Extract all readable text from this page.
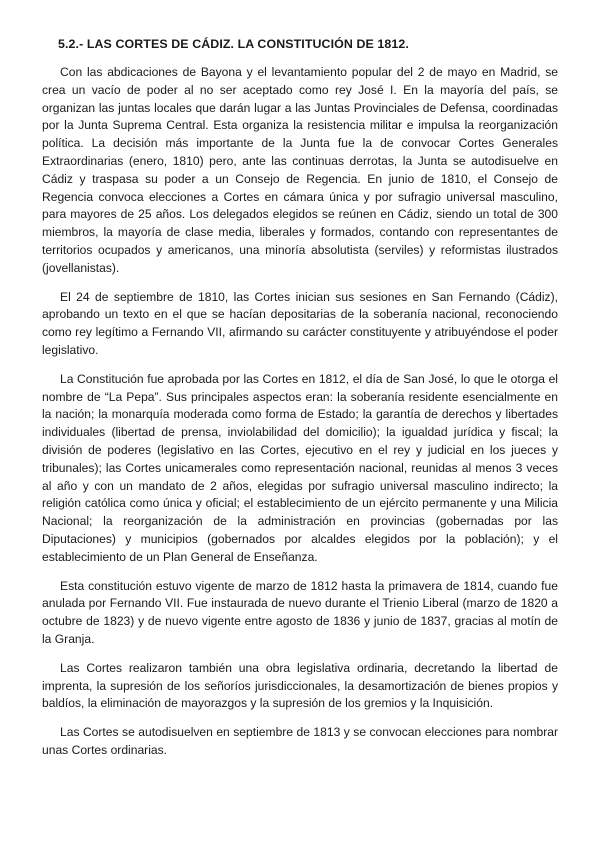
5.2.- LAS CORTES DE CÁDIZ. LA CONSTITUCIÓN DE 1812.

Con las abdicaciones de Bayona y el levantamiento popular del 2 de mayo en Madrid, se crea un vacío de poder al no ser aceptado como rey José I. En la mayoría del país, se organizan las juntas locales que darán lugar a las Juntas Provinciales de Defensa, coordinadas por la Junta Suprema Central. Esta organiza la resistencia militar e impulsa la reorganización política. La decisión más importante de la Junta fue la de convocar Cortes Generales Extraordinarias (enero, 1810) pero, ante las continuas derrotas, la Junta se autodisuelve en Cádiz y traspasa su poder a un Consejo de Regencia. En junio de 1810, el Consejo de Regencia convoca elecciones a Cortes en cámara única y por sufragio universal masculino, para mayores de 25 años. Los delegados elegidos se reúnen en Cádiz, siendo un total de 300 miembros, la mayoría de clase media, liberales y formados, contando con representantes de territorios ocupados y americanos, una minoría absolutista (serviles) y reformistas ilustrados (jovellanistas).

El 24 de septiembre de 1810, las Cortes inician sus sesiones en San Fernando (Cádiz), aprobando un texto en el que se hacían depositarias de la soberanía nacional, reconociendo como rey legítimo a Fernando VII, afirmando su carácter constituyente y atribuyéndose el poder legislativo.

La Constitución fue aprobada por las Cortes en 1812, el día de San José, lo que le otorga el nombre de “La Pepa”. Sus principales aspectos eran: la soberanía residente esencialmente en la nación; la monarquía moderada como forma de Estado; la garantía de derechos y libertades individuales (libertad de prensa, inviolabilidad del domicilio); la igualdad jurídica y fiscal; la división de poderes (legislativo en las Cortes, ejecutivo en el rey y judicial en los jueces y tribunales); las Cortes unicamerales como representación nacional, reunidas al menos 3 veces al año y con un mandato de 2 años, elegidas por sufragio universal masculino indirecto; la religión católica como única y oficial; el establecimiento de un ejército permanente y una Milicia Nacional; la reorganización de la administración en provincias (gobernadas por las Diputaciones) y municipios (gobernados por alcaldes elegidos por la población); y el establecimiento de un Plan General de Enseñanza.

Esta constitución estuvo vigente de marzo de 1812 hasta la primavera de 1814, cuando fue anulada por Fernando VII. Fue instaurada de nuevo durante el Trienio Liberal (marzo de 1820 a octubre de 1823) y de nuevo vigente entre agosto de 1836 y junio de 1837, gracias al motín de la Granja.

Las Cortes realizaron también una obra legislativa ordinaria, decretando la libertad de imprenta, la supresión de los señoríos jurisdiccionales, la desamortización de bienes propios y baldíos, la eliminación de mayorazgos y la supresión de los gremios y la Inquisición.

Las Cortes se autodisuelven en septiembre de 1813 y se convocan elecciones para nombrar unas Cortes ordinarias.
